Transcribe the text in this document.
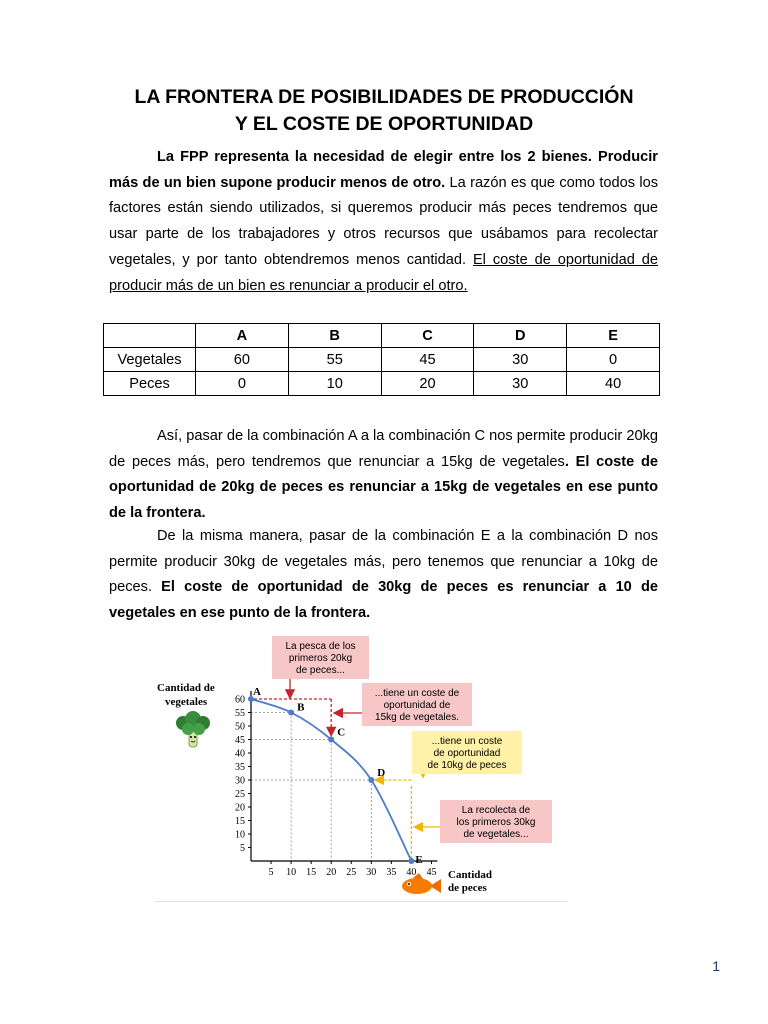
LA FRONTERA DE POSIBILIDADES DE PRODUCCIÓN
Y EL COSTE DE OPORTUNIDAD
La FPP representa la necesidad de elegir entre los 2 bienes. Producir más de un bien supone producir menos de otro. La razón es que como todos los factores están siendo utilizados, si queremos producir más peces tendremos que usar parte de los trabajadores y otros recursos que usábamos para recolectar vegetales, y por tanto obtendremos menos cantidad. El coste de oportunidad de producir más de un bien es renunciar a producir el otro.
	A	B	C	D	E
Vegetales	60	55	45	30	0
Peces	0	10	20	30	40
Así, pasar de la combinación A a la combinación C nos permite producir 20kg de peces más, pero tendremos que renunciar a 15kg de vegetales. El coste de oportunidad de 20kg de peces es renunciar a 15kg de vegetales en ese punto de la frontera.
De la misma manera, pasar de la combinación E a la combinación D nos permite producir 30kg de vegetales más, pero tenemos que renunciar a 10kg de peces. El coste de oportunidad de 30kg de peces es renunciar a 10 de vegetales en ese punto de la frontera.
5
10
15
20
25
30
35
40
45
50
55
60
5 10 15 20 25 30 35 40 45
A
B
C
D
E
Cantidad de
vegetales
Cantidad
de peces
La pesca de los
primeros 20kg
de peces...
...tiene un coste de
oportunidad de
15kg de vegetales.
...tiene un coste
de oportunidad
de 10kg de peces
La recolecta de
los primeros 30kg
de vegetales...
1
